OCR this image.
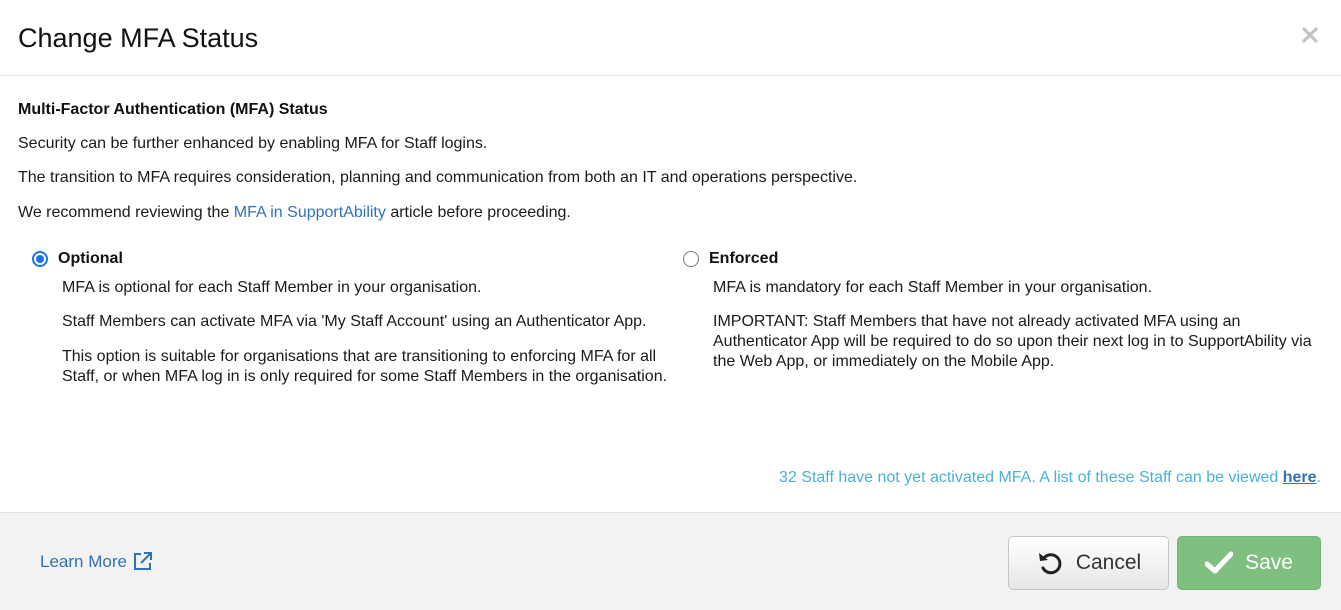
Change MFA Status
Multi-Factor Authentication (MFA) Status
Security can be further enhanced by enabling MFA for Staff logins.
The transition to MFA requires consideration, planning and communication from both an IT and operations perspective.
We recommend reviewing the MFA in SupportAbility article before proceeding.
Optional

MFA is optional for each Staff Member in your organisation.

Staff Members can activate MFA via 'My Staff Account' using an Authenticator App.

This option is suitable for organisations that are transitioning to enforcing MFA for all Staff, or when MFA log in is only required for some Staff Members in the organisation.

Enforced

MFA is mandatory for each Staff Member in your organisation.

IMPORTANT: Staff Members that have not already activated MFA using an Authenticator App will be required to do so upon their next log in to SupportAbility via the Web App, or immediately on the Mobile App.

32 Staff have not yet activated MFA. A list of these Staff can be viewed here.
Learn More	Cancel	Save
